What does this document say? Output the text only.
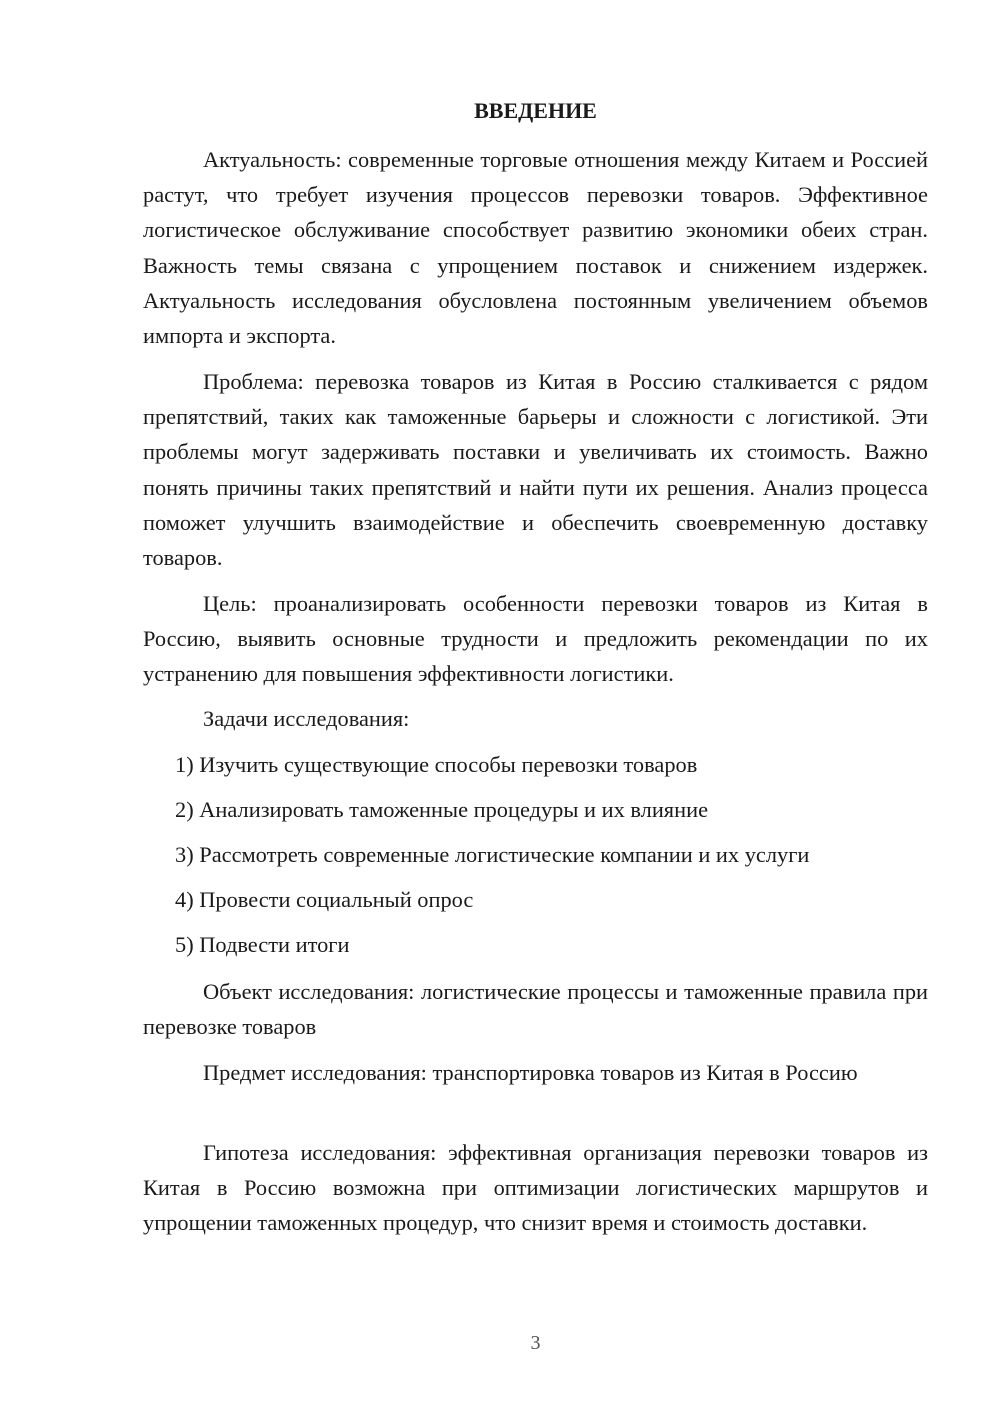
ВВЕДЕНИЕ

Актуальность: современные торговые отношения между Китаем и Россией растут, что требует изучения процессов перевозки товаров. Эффективное логистическое обслуживание способствует развитию экономики обеих стран. Важность темы связана с упрощением поставок и снижением издержек. Актуальность исследования обусловлена постоянным увеличением объемов импорта и экспорта.

Проблема: перевозка товаров из Китая в Россию сталкивается с рядом препятствий, таких как таможенные барьеры и сложности с логистикой. Эти проблемы могут задерживать поставки и увеличивать их стоимость. Важно понять причины таких препятствий и найти пути их решения. Анализ процесса поможет улучшить взаимодействие и обеспечить своевременную доставку товаров.

Цель: проанализировать особенности перевозки товаров из Китая в Россию, выявить основные трудности и предложить рекомендации по их устранению для повышения эффективности логистики.

Задачи исследования:
1) Изучить существующие способы перевозки товаров
2) Анализировать таможенные процедуры и их влияние
3) Рассмотреть современные логистические компании и их услуги
4) Провести социальный опрос
5) Подвести итоги

Объект исследования: логистические процессы и таможенные правила при перевозке товаров

Предмет исследования: транспортировка товаров из Китая в Россию

Гипотеза исследования: эффективная организация перевозки товаров из Китая в Россию возможна при оптимизации логистических маршрутов и упрощении таможенных процедур, что снизит время и стоимость доставки.

3
